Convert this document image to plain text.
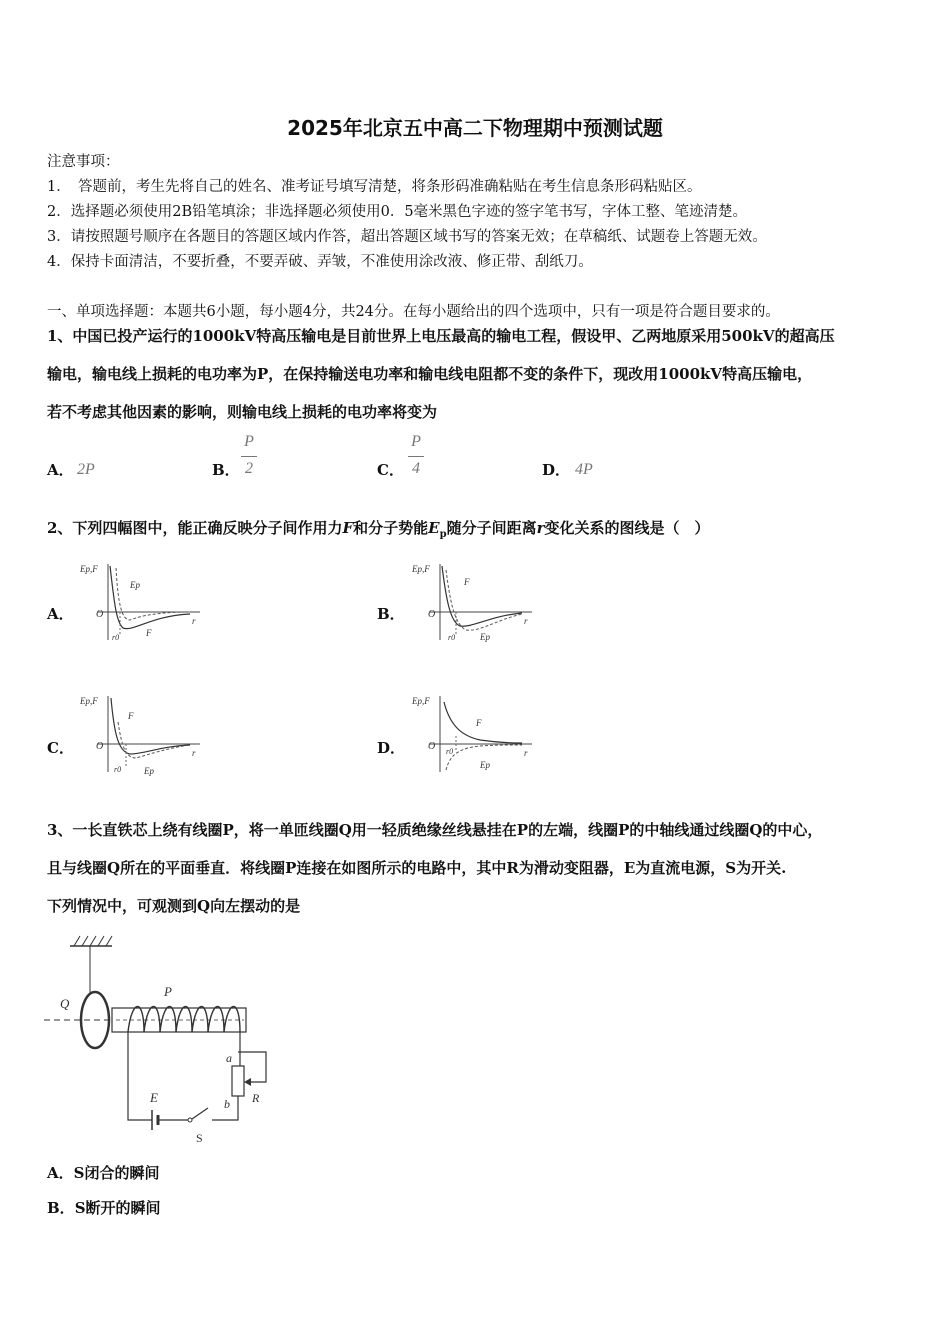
2025年北京五中高二下物理期中预测试题
注意事项：
1．　答题前，考生先将自己的姓名、准考证号填写清楚，将条形码准确粘贴在考生信息条形码粘贴区。
2．选择题必须使用2B铅笔填涂；非选择题必须使用0．5毫米黑色字迹的签字笔书写，字体工整、笔迹清楚。
3．请按照题号顺序在各题目的答题区域内作答，超出答题区域书写的答案无效；在草稿纸、试题卷上答题无效。
4．保持卡面清洁，不要折叠，不要弄破、弄皱，不准使用涂改液、修正带、刮纸刀。
一、单项选择题：本题共6小题，每小题4分，共24分。在每小题给出的四个选项中，只有一项是符合题目要求的。
1、中国已投产运行的1000kV特高压输电是目前世界上电压最高的输电工程，假设甲、乙两地原采用500kV的超高压
输电，输电线上损耗的电功率为P，在保持输送电功率和输电线电阻都不变的条件下，现改用1000kV特高压输电，
若不考虑其他因素的影响，则输电线上损耗的电功率将变为
A． 2P	B．
P
2	C．
P
4	D． 4P
2、下列四幅图中，能正确反映分子间作用力F和分子势能$E_p$随分子间距离r变化关系的图线是（　）
A．	B．
C．	D．
Ep,F
O
r
r0	F
Ep
Ep,F
O
r
r0
F
Ep
Ep,F
O
r
r0
F
Ep
Ep,F
O
r
r0
F
Ep
3、一长直铁芯上绕有线圈P，将一单匝线圈Q用一轻质绝缘丝线悬挂在P的左端，线圈P的中轴线通过线圈Q的中心，
且与线圈Q所在的平面垂直．将线圈P连接在如图所示的电路中，其中R为滑动变阻器，E为直流电源，S为开关.
下列情况中，可观测到Q向左摆动的是
Q
P
E
S
a
b R
A．S闭合的瞬间
B．S断开的瞬间
